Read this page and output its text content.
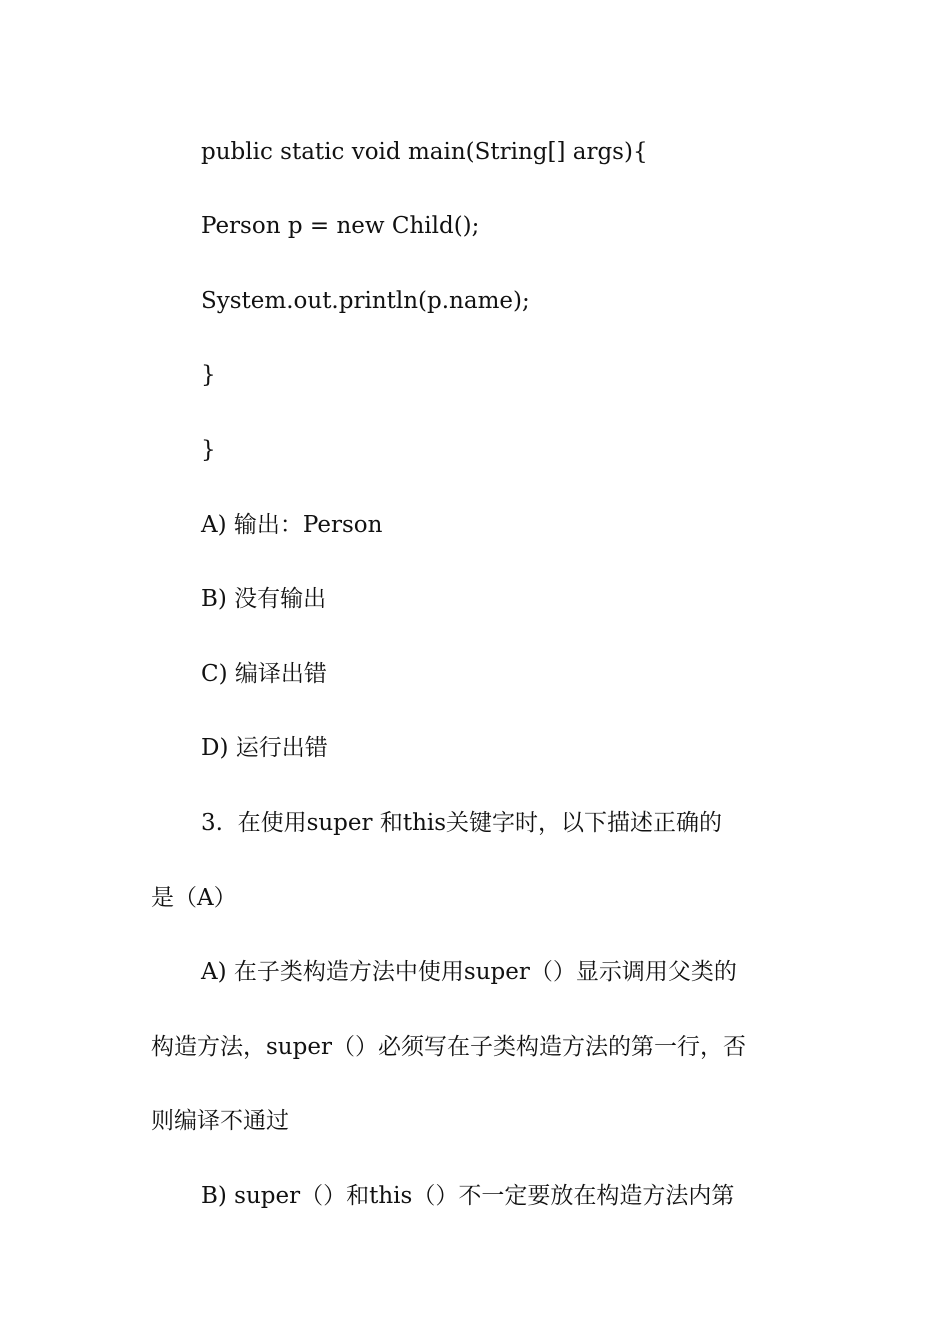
public static void main(String[] args){
Person p = new Child();
System.out.println(p.name);
}
}
A) 输出：Person
B) 没有输出
C) 编译出错
D) 运行出错
3.  在使用super 和this关键字时，以下描述正确的
是（A）
A) 在子类构造方法中使用super（）显示调用父类的
构造方法，super（）必须写在子类构造方法的第一行，否
则编译不通过
B) super（）和this（）不一定要放在构造方法内第
